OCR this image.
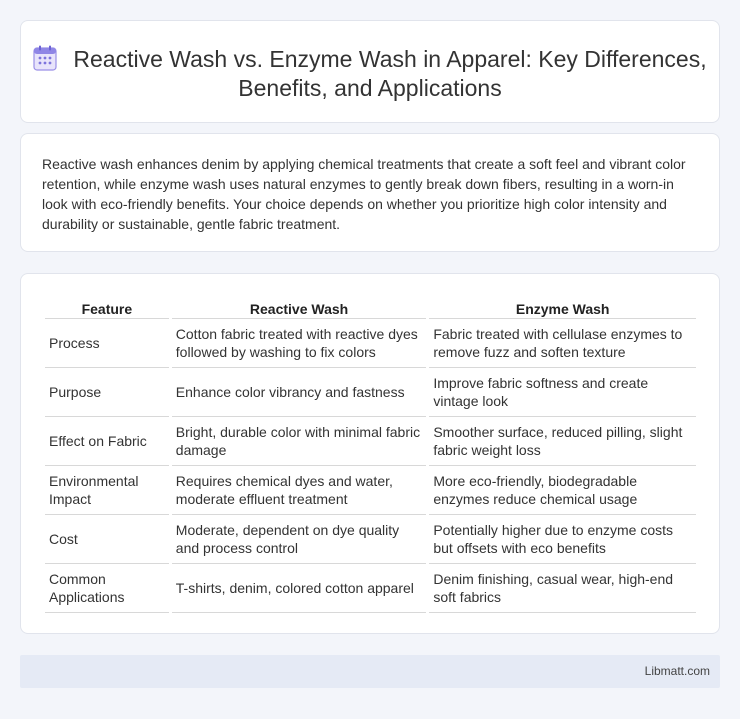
Reactive Wash vs. Enzyme Wash in Apparel: Key Differences, Benefits, and Applications

Reactive wash enhances denim by applying chemical treatments that create a soft feel and vibrant color retention, while enzyme wash uses natural enzymes to gently break down fibers, resulting in a worn-in look with eco-friendly benefits. Your choice depends on whether you prioritize high color intensity and durability or sustainable, gentle fabric treatment.

Feature	Reactive Wash	Enzyme Wash
Process	Cotton fabric treated with reactive dyes followed by washing to fix colors	Fabric treated with cellulase enzymes to remove fuzz and soften texture
Purpose	Enhance color vibrancy and fastness	Improve fabric softness and create vintage look
Effect on Fabric	Bright, durable color with minimal fabric damage	Smoother surface, reduced pilling, slight fabric weight loss
Environmental Impact	Requires chemical dyes and water, moderate effluent treatment	More eco-friendly, biodegradable enzymes reduce chemical usage
Cost	Moderate, dependent on dye quality and process control	Potentially higher due to enzyme costs but offsets with eco benefits
Common Applications	T-shirts, denim, colored cotton apparel	Denim finishing, casual wear, high-end soft fabrics
Libmatt.com
